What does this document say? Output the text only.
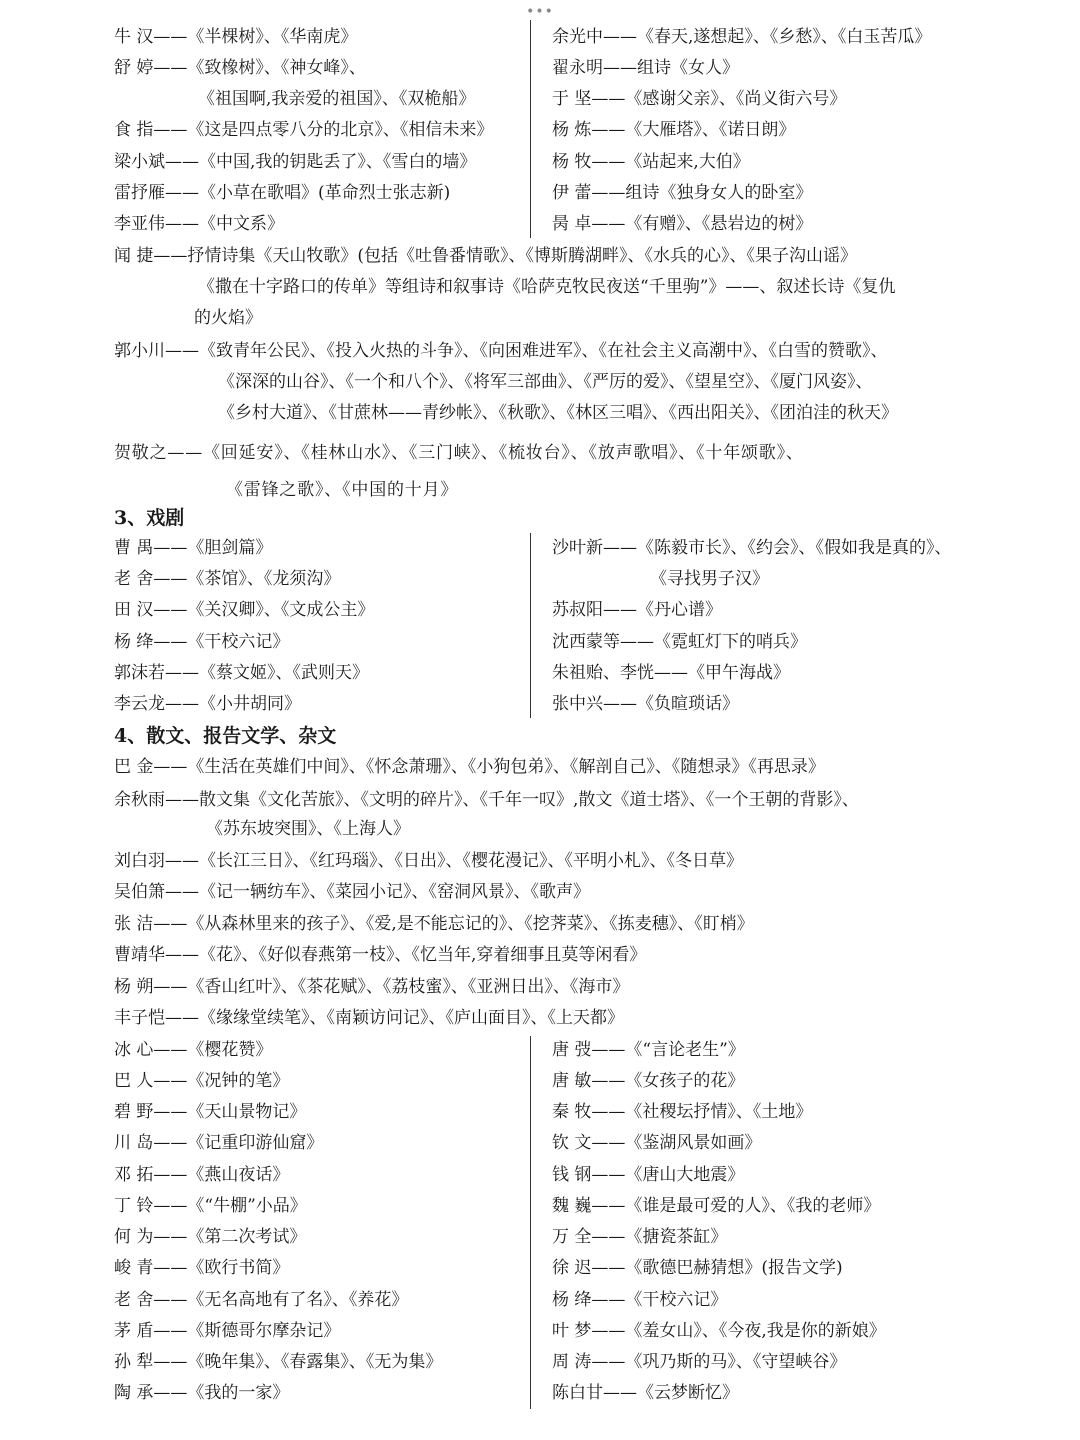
•••
牛 汉——《半棵树》、《华南虎》
舒 婷——《致橡树》、《神女峰》、
《祖国啊,我亲爱的祖国》、《双桅船》
食 指——《这是四点零八分的北京》、《相信未来》
梁小斌——《中国,我的钥匙丢了》、《雪白的墙》
雷抒雁——《小草在歌唱》(革命烈士张志新)
李亚伟——《中文系》
余光中——《春天,遂想起》、《乡愁》、《白玉苦瓜》
翟永明——组诗《女人》
于 坚——《感谢父亲》、《尚义街六号》
杨 炼——《大雁塔》、《诺日朗》
杨 牧——《站起来,大伯》
伊 蕾——组诗《独身女人的卧室》
昺 卓——《有赠》、《悬岩边的树》
闻 捷——抒情诗集《天山牧歌》(包括《吐鲁番情歌》、《博斯腾湖畔》、《水兵的心》、《果子沟山谣》
《撒在十字路口的传单》等组诗和叙事诗《哈萨克牧民夜送“千里驹”》——、叙述长诗《复仇
的火焰》
郭小川——《致青年公民》、《投入火热的斗争》、《向困难进军》、《在社会主义高潮中》、《白雪的赞歌》、
《深深的山谷》、《一个和八个》、《将军三部曲》、《严厉的爱》、《望星空》、《厦门风姿》、
《乡村大道》、《甘蔗林——青纱帐》、《秋歌》、《林区三唱》、《西出阳关》、《团泊洼的秋天》
贺敬之——《回延安》、《桂林山水》、《三门峡》、《梳妆台》、《放声歌唱》、《十年颂歌》、
《雷锋之歌》、《中国的十月》
3、戏剧
曹 禺——《胆剑篇》
老 舍——《茶馆》、《龙须沟》
田 汉——《关汉卿》、《文成公主》
杨 绛——《干校六记》
郭沫若——《蔡文姬》、《武则天》
李云龙——《小井胡同》
沙叶新——《陈毅市长》、《约会》、《假如我是真的》、
《寻找男子汉》
苏叔阳——《丹心谱》
沈西蒙等——《霓虹灯下的哨兵》
朱祖贻、李恍——《甲午海战》
张中兴——《负暄琐话》
4、散文、报告文学、杂文
巴 金——《生活在英雄们中间》、《怀念萧珊》、《小狗包弟》、《解剖自己》、《随想录》《再思录》
余秋雨——散文集《文化苦旅》、《文明的碎片》、《千年一叹》,散文《道士塔》、《一个王朝的背影》、
《苏东坡突围》、《上海人》
刘白羽——《长江三日》、《红玛瑙》、《日出》、《樱花漫记》、《平明小札》、《冬日草》
吴伯箫——《记一辆纺车》、《菜园小记》、《窑洞风景》、《歌声》
张 洁——《从森林里来的孩子》、《爱,是不能忘记的》、《挖荠菜》、《拣麦穗》、《盯梢》
曹靖华——《花》、《好似春燕第一枝》、《忆当年,穿着细事且莫等闲看》
杨 朔——《香山红叶》、《茶花赋》、《荔枝蜜》、《亚洲日出》、《海市》
丰子恺——《缘缘堂续笔》、《南颖访问记》、《庐山面目》、《上天都》
冰 心——《樱花赞》
巴 人——《况钟的笔》
碧 野——《天山景物记》
川 岛——《记重印游仙窟》
邓 拓——《燕山夜话》
丁 铃——《“牛棚”小品》
何 为——《第二次考试》
峻 青——《欧行书简》
老 舍——《无名高地有了名》、《养花》
茅 盾——《斯德哥尔摩杂记》
孙 犁——《晚年集》、《春露集》、《无为集》
陶 承——《我的一家》
唐 弢——《“言论老生”》
唐 敏——《女孩子的花》
秦 牧——《社稷坛抒情》、《土地》
钦 文——《鉴湖风景如画》
钱 钢——《唐山大地震》
魏 巍——《谁是最可爱的人》、《我的老师》
万 全——《搪瓷茶缸》
徐 迟——《歌德巴赫猜想》(报告文学)
杨 绛——《干校六记》
叶 梦——《羞女山》、《今夜,我是你的新娘》
周 涛——《巩乃斯的马》、《守望峡谷》
陈白甘——《云梦断忆》
